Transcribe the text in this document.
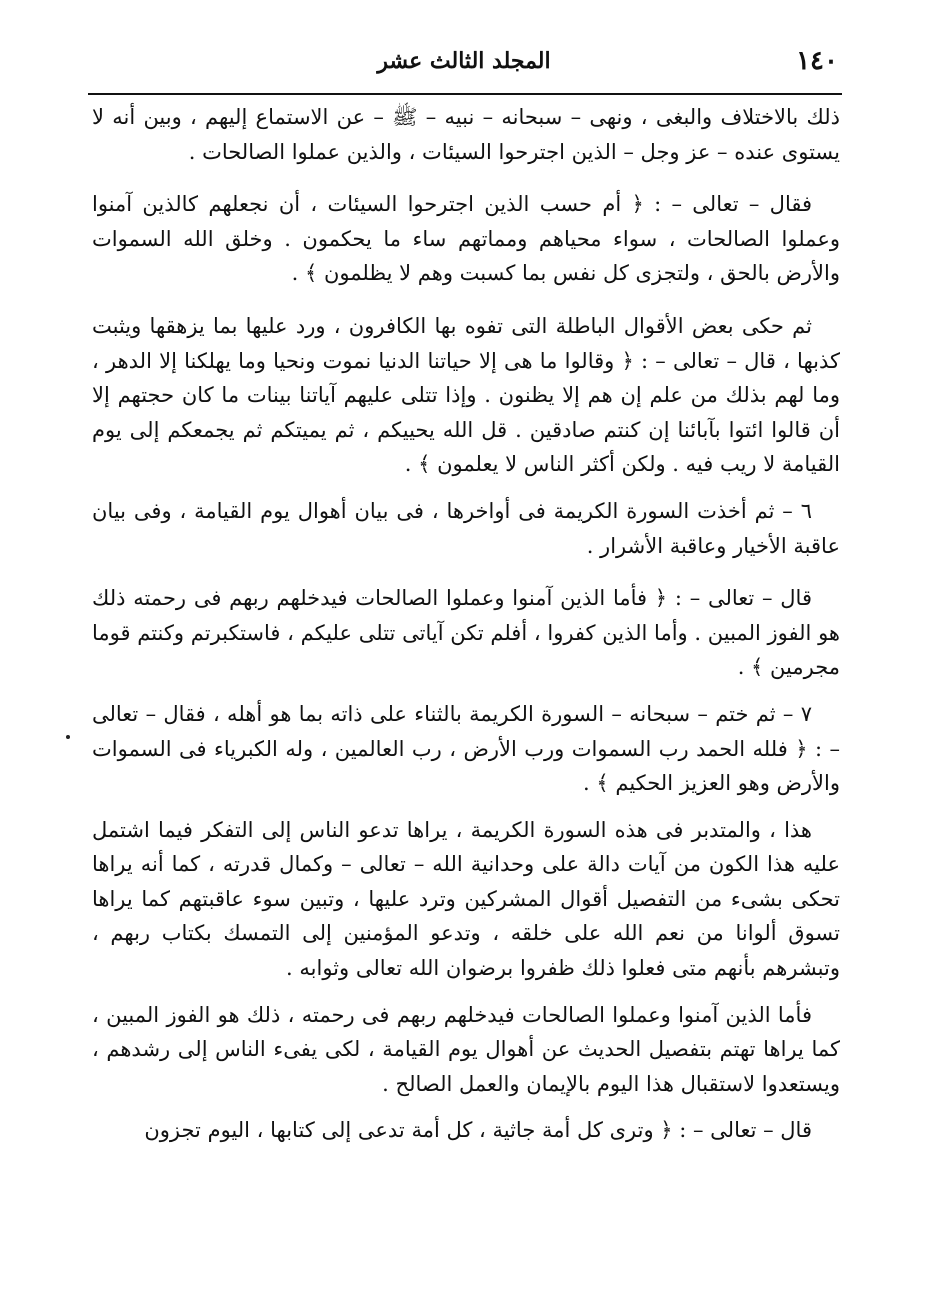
١٤٠
المجلد الثالث عشر

ذلك بالاختلاف والبغى ، ونهى – سبحانه – نبيه – ﷺ – عن الاستماع إليهم ، وبين أنه لا يستوى عنده – عز وجل – الذين اجترحوا السيئات ، والذين عملوا الصالحات .

فقال – تعالى – : ﴿ أم حسب الذين اجترحوا السيئات ، أن نجعلهم كالذين آمنوا وعملوا الصالحات ، سواء محياهم ومماتهم ساء ما يحكمون . وخلق الله السموات والأرض بالحق ، ولتجزى كل نفس بما كسبت وهم لا يظلمون ﴾ .

ثم حكى بعض الأقوال الباطلة التى تفوه بها الكافرون ، ورد عليها بما يزهقها ويثبت كذبها ، قال – تعالى – : ﴿ وقالوا ما هى إلا حياتنا الدنيا نموت ونحيا وما يهلكنا إلا الدهر ، وما لهم بذلك من علم إن هم إلا يظنون . وإذا تتلى عليهم آياتنا بينات ما كان حجتهم إلا أن قالوا ائتوا بآبائنا إن كنتم صادقين . قل الله يحييكم ، ثم يميتكم ثم يجمعكم إلى يوم القيامة لا ريب فيه . ولكن أكثر الناس لا يعلمون ﴾ .

٦ – ثم أخذت السورة الكريمة فى أواخرها ، فى بيان أهوال يوم القيامة ، وفى بيان عاقبة الأخيار وعاقبة الأشرار .

قال – تعالى – : ﴿ فأما الذين آمنوا وعملوا الصالحات فيدخلهم ربهم فى رحمته ذلك هو الفوز المبين . وأما الذين كفروا ، أفلم تكن آياتى تتلى عليكم ، فاستكبرتم وكنتم قوما مجرمين ﴾ .

٧ – ثم ختم – سبحانه – السورة الكريمة بالثناء على ذاته بما هو أهله ، فقال – تعالى – : ﴿ فلله الحمد رب السموات ورب الأرض ، رب العالمين ، وله الكبرياء فى السموات والأرض وهو العزيز الحكيم ﴾ .

هذا ، والمتدبر فى هذه السورة الكريمة ، يراها تدعو الناس إلى التفكر فيما اشتمل عليه هذا الكون من آيات دالة على وحدانية الله – تعالى – وكمال قدرته ، كما أنه يراها تحكى بشىء من التفصيل أقوال المشركين وترد عليها ، وتبين سوء عاقبتهم كما يراها تسوق ألوانا من نعم الله على خلقه ، وتدعو المؤمنين إلى التمسك بكتاب ربهم ، وتبشرهم بأنهم متى فعلوا ذلك ظفروا برضوان الله تعالى وثوابه .

فأما الذين آمنوا وعملوا الصالحات فيدخلهم ربهم فى رحمته ، ذلك هو الفوز المبين ، كما يراها تهتم بتفصيل الحديث عن أهوال يوم القيامة ، لكى يفىء الناس إلى رشدهم ، ويستعدوا لاستقبال هذا اليوم بالإيمان والعمل الصالح .

قال – تعالى – : ﴿ وترى كل أمة جاثية ، كل أمة تدعى إلى كتابها ، اليوم تجزون
